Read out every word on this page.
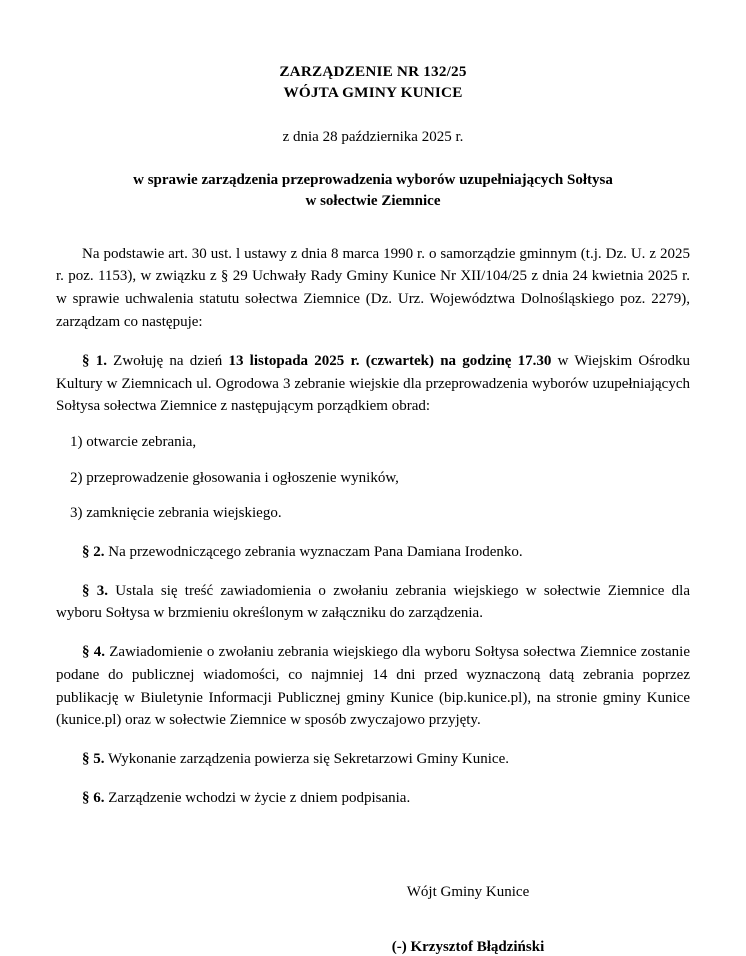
ZARZĄDZENIE NR 132/25
WÓJTA GMINY KUNICE
z dnia 28 października 2025 r.
w sprawie zarządzenia przeprowadzenia wyborów uzupełniających Sołtysa
w sołectwie Ziemnice
Na podstawie art. 30 ust. l ustawy z dnia 8 marca 1990 r. o samorządzie gminnym (t.j. Dz. U. z 2025 r. poz. 1153), w związku z § 29 Uchwały Rady Gminy Kunice Nr XII/104/25 z dnia 24 kwietnia 2025 r. w sprawie uchwalenia statutu sołectwa Ziemnice (Dz. Urz. Województwa Dolnośląskiego poz. 2279), zarządzam co następuje:
§ 1. Zwołuję na dzień 13 listopada 2025 r. (czwartek) na godzinę 17.30 w Wiejskim Ośrodku Kultury w Ziemnicach ul. Ogrodowa 3 zebranie wiejskie dla przeprowadzenia wyborów uzupełniających Sołtysa sołectwa Ziemnice z następującym porządkiem obrad:
1) otwarcie zebrania,
2) przeprowadzenie głosowania i ogłoszenie wyników,
3) zamknięcie zebrania wiejskiego.
§ 2. Na przewodniczącego zebrania wyznaczam Pana Damiana Irodenko.
§ 3. Ustala się treść zawiadomienia o zwołaniu zebrania wiejskiego w sołectwie Ziemnice dla wyboru Sołtysa w brzmieniu określonym w załączniku do zarządzenia.
§ 4. Zawiadomienie o zwołaniu zebrania wiejskiego dla wyboru Sołtysa sołectwa Ziemnice zostanie podane do publicznej wiadomości, co najmniej 14 dni przed wyznaczoną datą zebrania poprzez publikację w Biuletynie Informacji Publicznej gminy Kunice (bip.kunice.pl), na stronie gminy Kunice (kunice.pl) oraz w sołectwie Ziemnice w sposób zwyczajowo przyjęty.
§ 5. Wykonanie zarządzenia powierza się Sekretarzowi Gminy Kunice.
§ 6. Zarządzenie wchodzi w życie z dniem podpisania.
Wójt Gminy Kunice
(-) Krzysztof Błądziński
